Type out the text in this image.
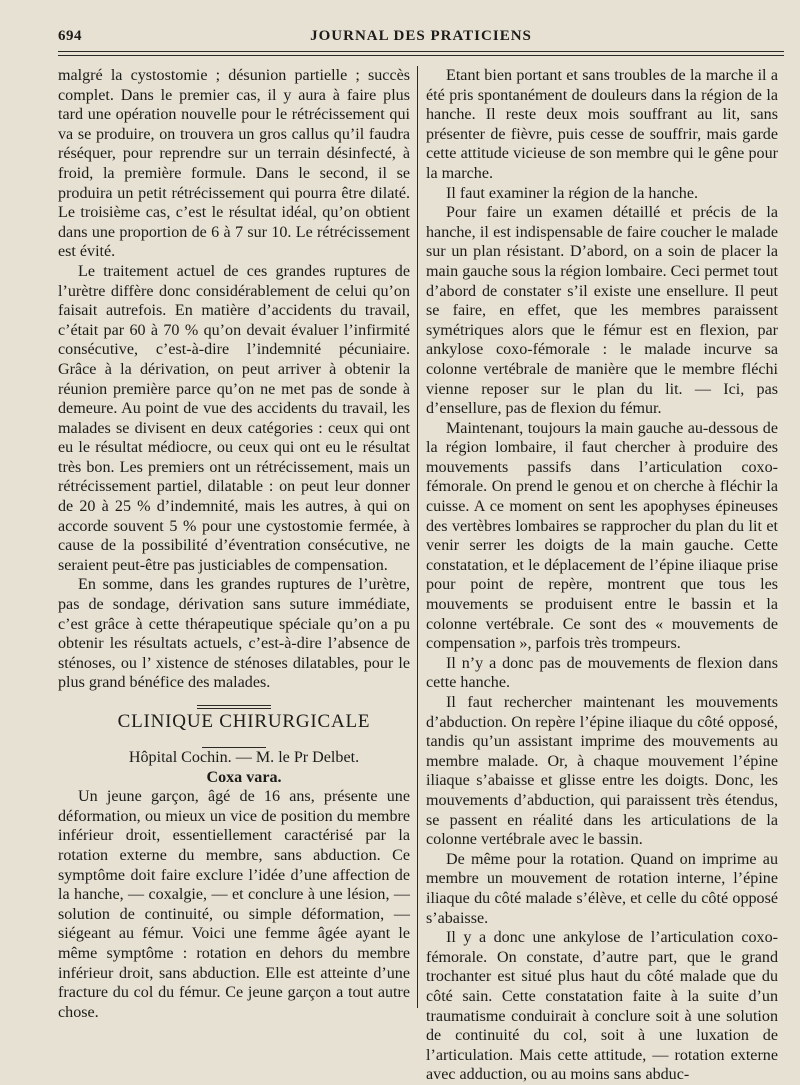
694	JOURNAL DES PRATICIENS

malgré la cystostomie ; désunion partielle ; succès complet. Dans le premier cas, il y aura à faire plus tard une opération nouvelle pour le rétrécissement qui va se produire, on trouvera un gros callus qu’il faudra réséquer, pour reprendre sur un terrain désinfecté, à froid, la première formule. Dans le second, il se produira un petit rétrécissement qui pourra être dilaté. Le troisième cas, c’est le résultat idéal, qu’on obtient dans une proportion de 6 à 7 sur 10. Le rétrécissement est évité.

Le traitement actuel de ces grandes ruptures de l’urètre diffère donc considérablement de celui qu’on faisait autrefois. En matière d’accidents du travail, c’était par 60 à 70 % qu’on devait évaluer l’infirmité consécutive, c’est-à-dire l’indemnité pécuniaire. Grâce à la dérivation, on peut arriver à obtenir la réunion première parce qu’on ne met pas de sonde à demeure. Au point de vue des accidents du travail, les malades se divisent en deux catégories : ceux qui ont eu le résultat médiocre, ou ceux qui ont eu le résultat très bon. Les premiers ont un rétrécissement, mais un rétrécissement partiel, dilatable : on peut leur donner de 20 à 25 % d’indemnité, mais les autres, à qui on accorde souvent 5 % pour une cystostomie fermée, à cause de la possibilité d’éventration consécutive, ne seraient peut-être pas justiciables de compensation.

En somme, dans les grandes ruptures de l’urètre, pas de sondage, dérivation sans suture immédiate, c’est grâce à cette thérapeutique spéciale qu’on a pu obtenir les résultats actuels, c’est-à-dire l’absence de sténoses, ou l’ xistence de sténoses dilatables, pour le plus grand bénéfice des malades.

CLINIQUE CHIRURGICALE

Hôpital Cochin. — M. le Pr Delbet.

Coxa vara.

Un jeune garçon, âgé de 16 ans, présente une déformation, ou mieux un vice de position du membre inférieur droit, essentiellement caractérisé par la rotation externe du membre, sans abduction. Ce symptôme doit faire exclure l’idée d’une affection de la hanche, — coxalgie, — et conclure à une lésion, — solution de continuité, ou simple déformation, — siégeant au fémur. Voici une femme âgée ayant le même symptôme : rotation en dehors du membre inférieur droit, sans abduction. Elle est atteinte d’une fracture du col du fémur. Ce jeune garçon a tout autre chose.

Etant bien portant et sans troubles de la marche il a été pris spontanément de douleurs dans la région de la hanche. Il reste deux mois souffrant au lit, sans présenter de fièvre, puis cesse de souffrir, mais garde cette attitude vicieuse de son membre qui le gêne pour la marche.

Il faut examiner la région de la hanche.

Pour faire un examen détaillé et précis de la hanche, il est indispensable de faire coucher le malade sur un plan résistant. D’abord, on a soin de placer la main gauche sous la région lombaire. Ceci permet tout d’abord de constater s’il existe une ensellure. Il peut se faire, en effet, que les membres paraissent symétriques alors que le fémur est en flexion, par ankylose coxo-fémorale : le malade incurve sa colonne vertébrale de manière que le membre fléchi vienne reposer sur le plan du lit. — Ici, pas d’ensellure, pas de flexion du fémur.

Maintenant, toujours la main gauche au-dessous de la région lombaire, il faut chercher à produire des mouvements passifs dans l’articulation coxo-fémorale. On prend le genou et on cherche à fléchir la cuisse. A ce moment on sent les apophyses épineuses des vertèbres lombaires se rapprocher du plan du lit et venir serrer les doigts de la main gauche. Cette constatation, et le déplacement de l’épine iliaque prise pour point de repère, montrent que tous les mouvements se produisent entre le bassin et la colonne vertébrale. Ce sont des « mouvements de compensation », parfois très trompeurs.

Il n’y a donc pas de mouvements de flexion dans cette hanche.

Il faut rechercher maintenant les mouvements d’abduction. On repère l’épine iliaque du côté opposé, tandis qu’un assistant imprime des mouvements au membre malade. Or, à chaque mouvement l’épine iliaque s’abaisse et glisse entre les doigts. Donc, les mouvements d’abduction, qui paraissent très étendus, se passent en réalité dans les articulations de la colonne vertébrale avec le bassin.

De même pour la rotation. Quand on imprime au membre un mouvement de rotation interne, l’épine iliaque du côté malade s’élève, et celle du côté opposé s’abaisse.

Il y a donc une ankylose de l’articulation coxo-fémorale. On constate, d’autre part, que le grand trochanter est situé plus haut du côté malade que du côté sain. Cette constatation faite à la suite d’un traumatisme conduirait à conclure soit à une solution de continuité du col, soit à une luxation de l’articulation. Mais cette attitude, — rotation externe avec adduction, ou au moins sans abduc-
